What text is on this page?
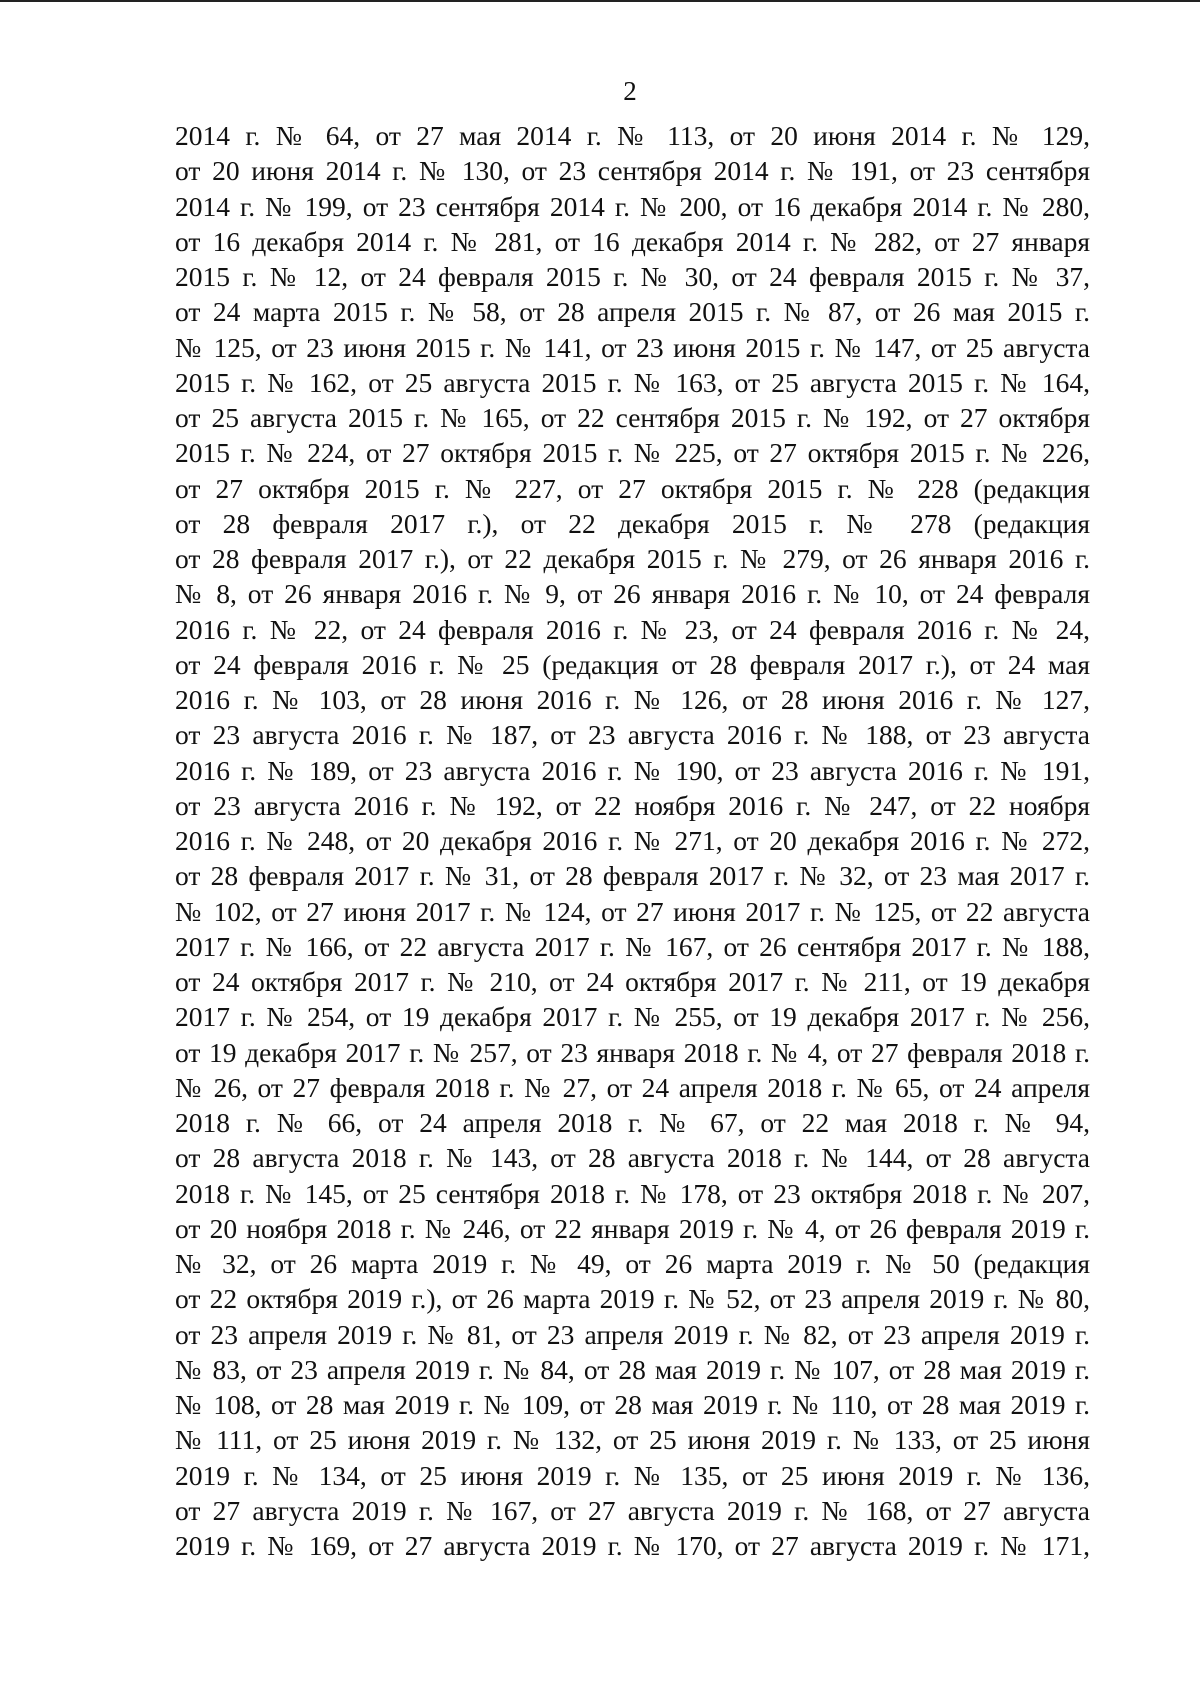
2
2014 г. № 64, от 27 мая 2014 г. № 113, от 20 июня 2014 г. № 129,
от 20 июня 2014 г. № 130, от 23 сентября 2014 г. № 191, от 23 сентября
2014 г. № 199, от 23 сентября 2014 г. № 200, от 16 декабря 2014 г. № 280,
от 16 декабря 2014 г. № 281, от 16 декабря 2014 г. № 282, от 27 января
2015 г. № 12, от 24 февраля 2015 г. № 30, от 24 февраля 2015 г. № 37,
от 24 марта 2015 г. № 58, от 28 апреля 2015 г. № 87, от 26 мая 2015 г.
№ 125, от 23 июня 2015 г. № 141, от 23 июня 2015 г. № 147, от 25 августа
2015 г. № 162, от 25 августа 2015 г. № 163, от 25 августа 2015 г. № 164,
от 25 августа 2015 г. № 165, от 22 сентября 2015 г. № 192, от 27 октября
2015 г. № 224, от 27 октября 2015 г. № 225, от 27 октября 2015 г. № 226,
от 27 октября 2015 г. № 227, от 27 октября 2015 г. № 228 (редакция
от 28 февраля 2017 г.), от 22 декабря 2015 г. № 278 (редакция
от 28 февраля 2017 г.), от 22 декабря 2015 г. № 279, от 26 января 2016 г.
№ 8, от 26 января 2016 г. № 9, от 26 января 2016 г. № 10, от 24 февраля
2016 г. № 22, от 24 февраля 2016 г. № 23, от 24 февраля 2016 г. № 24,
от 24 февраля 2016 г. № 25 (редакция от 28 февраля 2017 г.), от 24 мая
2016 г. № 103, от 28 июня 2016 г. № 126, от 28 июня 2016 г. № 127,
от 23 августа 2016 г. № 187, от 23 августа 2016 г. № 188, от 23 августа
2016 г. № 189, от 23 августа 2016 г. № 190, от 23 августа 2016 г. № 191,
от 23 августа 2016 г. № 192, от 22 ноября 2016 г. № 247, от 22 ноября
2016 г. № 248, от 20 декабря 2016 г. № 271, от 20 декабря 2016 г. № 272,
от 28 февраля 2017 г. № 31, от 28 февраля 2017 г. № 32, от 23 мая 2017 г.
№ 102, от 27 июня 2017 г. № 124, от 27 июня 2017 г. № 125, от 22 августа
2017 г. № 166, от 22 августа 2017 г. № 167, от 26 сентября 2017 г. № 188,
от 24 октября 2017 г. № 210, от 24 октября 2017 г. № 211, от 19 декабря
2017 г. № 254, от 19 декабря 2017 г. № 255, от 19 декабря 2017 г. № 256,
от 19 декабря 2017 г. № 257, от 23 января 2018 г. № 4, от 27 февраля 2018 г.
№ 26, от 27 февраля 2018 г. № 27, от 24 апреля 2018 г. № 65, от 24 апреля
2018 г. № 66, от 24 апреля 2018 г. № 67, от 22 мая 2018 г. № 94,
от 28 августа 2018 г. № 143, от 28 августа 2018 г. № 144, от 28 августа
2018 г. № 145, от 25 сентября 2018 г. № 178, от 23 октября 2018 г. № 207,
от 20 ноября 2018 г. № 246, от 22 января 2019 г. № 4, от 26 февраля 2019 г.
№ 32, от 26 марта 2019 г. № 49, от 26 марта 2019 г. № 50 (редакция
от 22 октября 2019 г.), от 26 марта 2019 г. № 52, от 23 апреля 2019 г. № 80,
от 23 апреля 2019 г. № 81, от 23 апреля 2019 г. № 82, от 23 апреля 2019 г.
№ 83, от 23 апреля 2019 г. № 84, от 28 мая 2019 г. № 107, от 28 мая 2019 г.
№ 108, от 28 мая 2019 г. № 109, от 28 мая 2019 г. № 110, от 28 мая 2019 г.
№ 111, от 25 июня 2019 г. № 132, от 25 июня 2019 г. № 133, от 25 июня
2019 г. № 134, от 25 июня 2019 г. № 135, от 25 июня 2019 г. № 136,
от 27 августа 2019 г. № 167, от 27 августа 2019 г. № 168, от 27 августа
2019 г. № 169, от 27 августа 2019 г. № 170, от 27 августа 2019 г. № 171,
